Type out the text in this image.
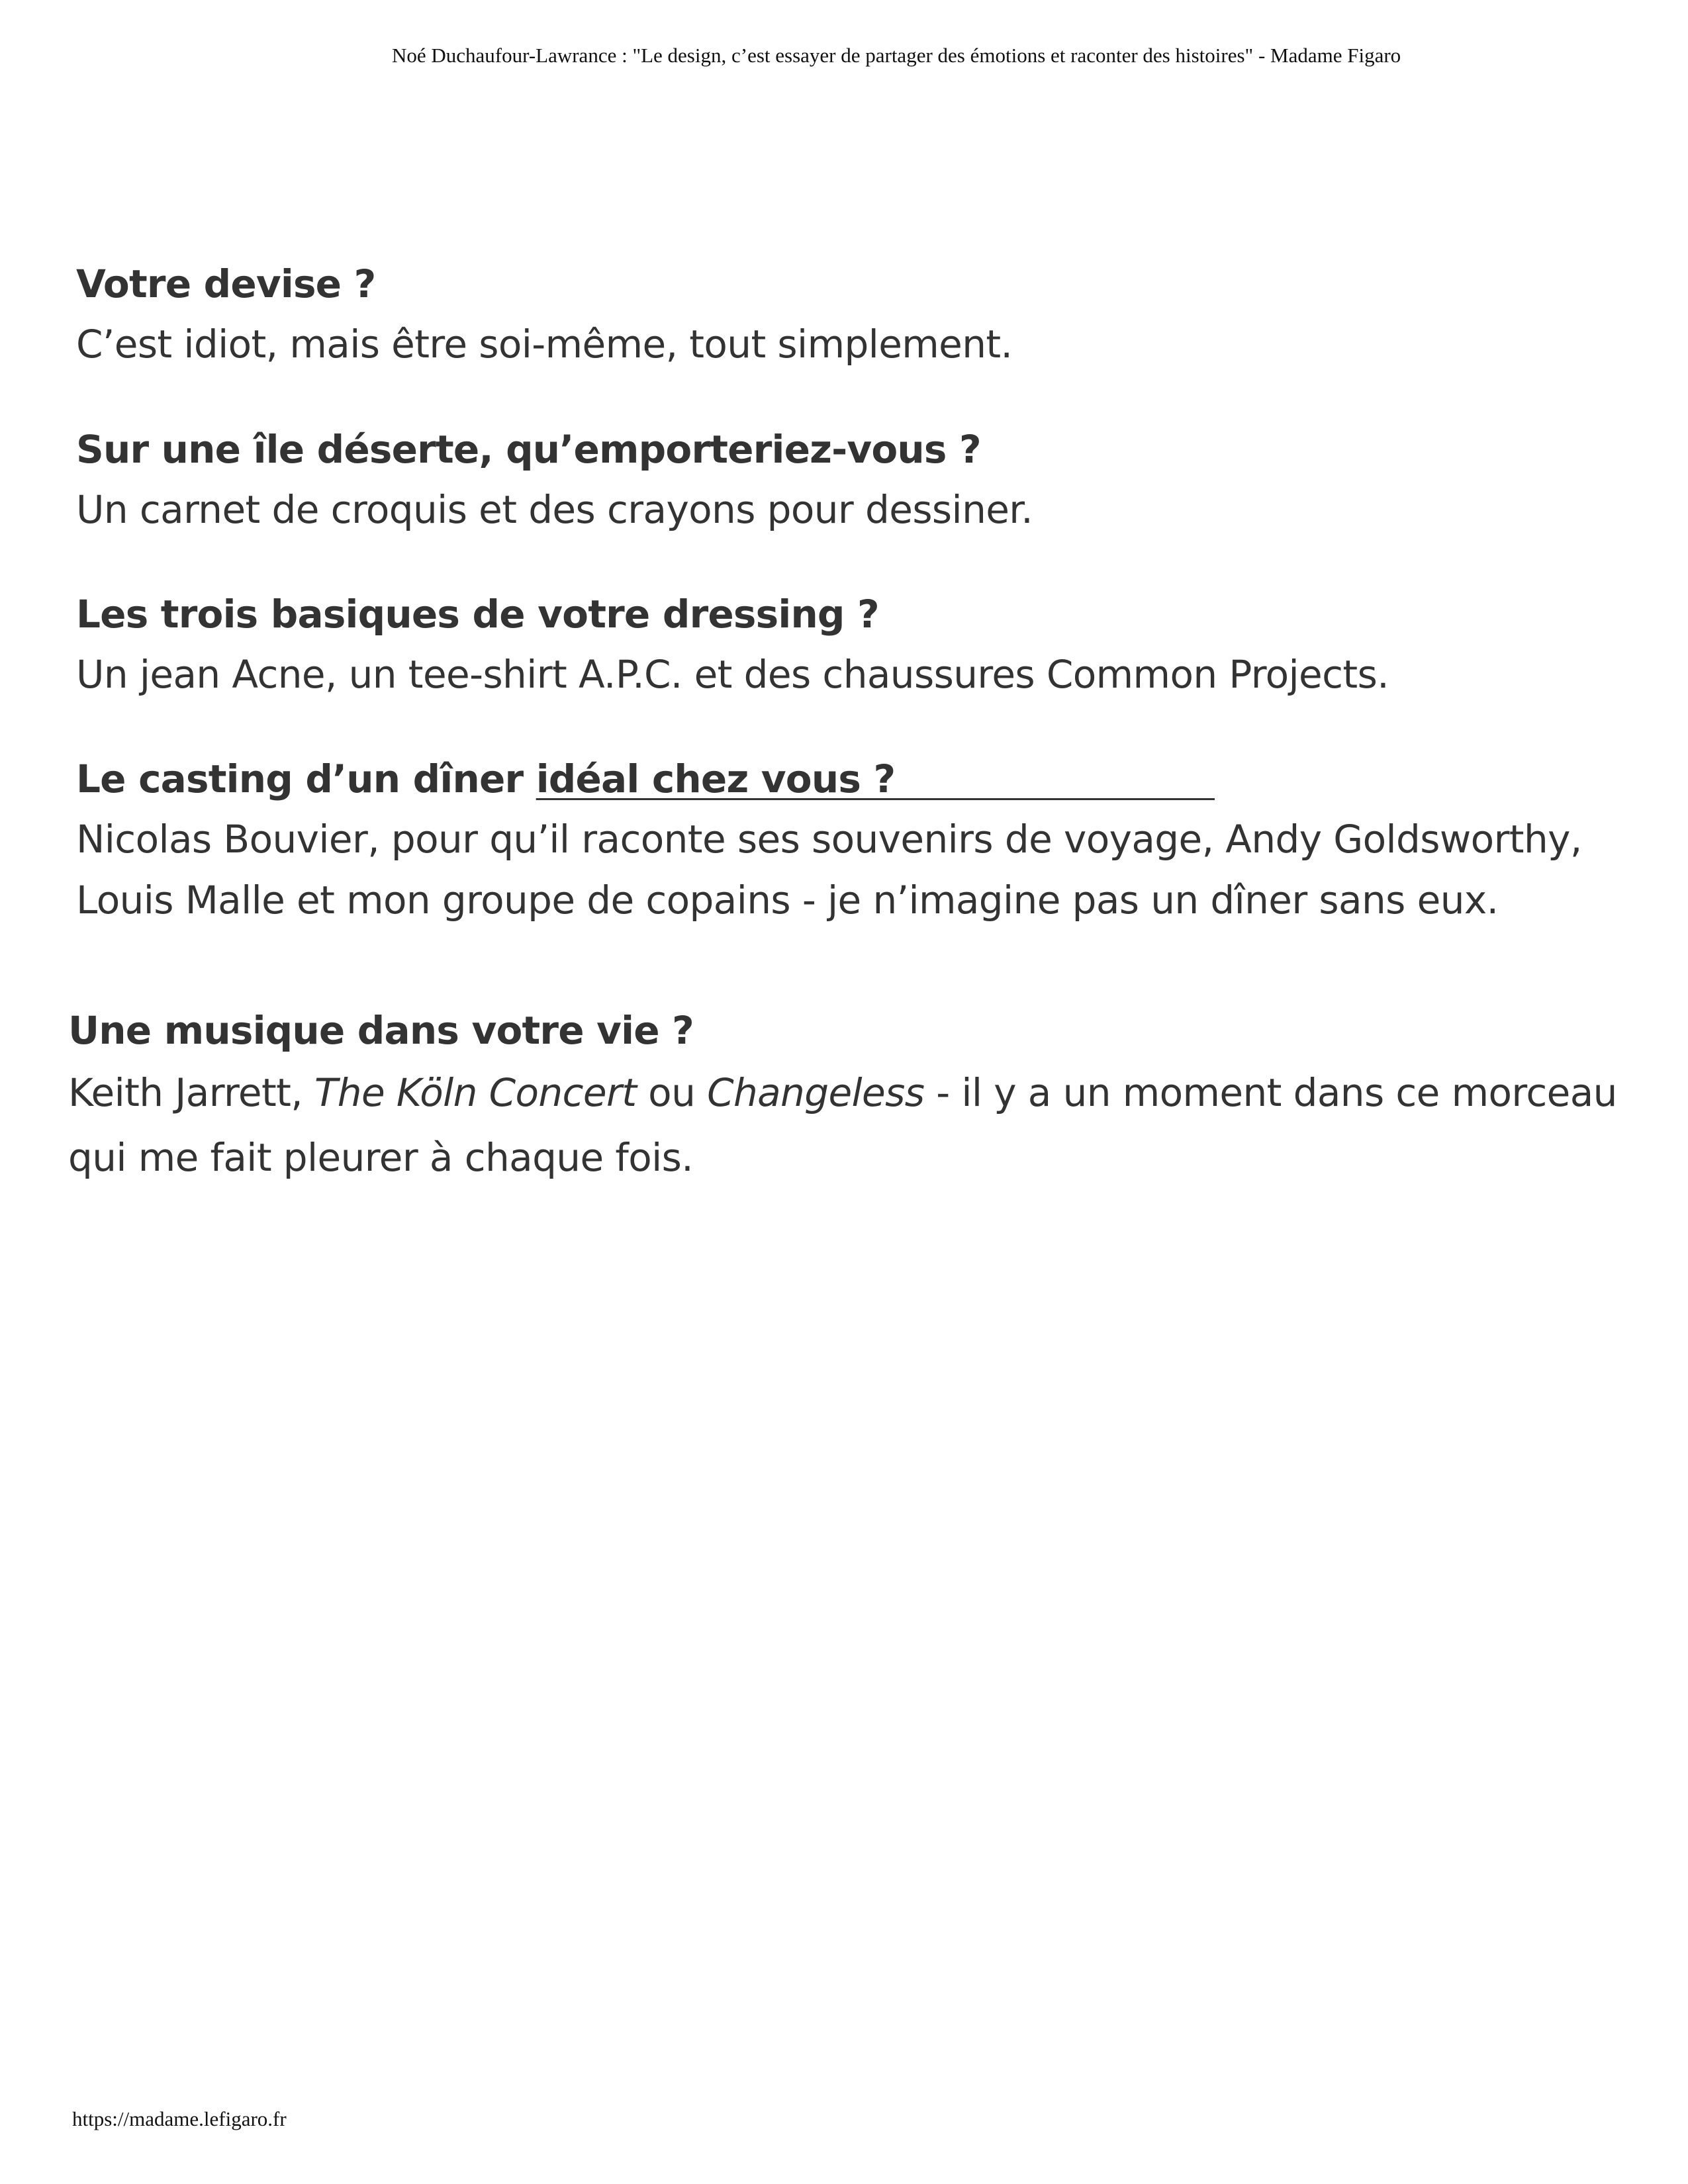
Noé Duchaufour-Lawrance : "Le design, c’est essayer de partager des émotions et raconter des histoires" - Madame Figaro

Votre devise ?

C’est idiot, mais être soi-même, tout simplement.

Sur une île déserte, qu’emporteriez-vous ?

Un carnet de croquis et des crayons pour dessiner.

Les trois basiques de votre dressing ?

Un jean Acne, un tee-shirt A.P.C. et des chaussures Common Projects.

Le casting d’un dîner idéal chez vous ?

Nicolas Bouvier, pour qu’il raconte ses souvenirs de voyage, Andy Goldsworthy,

Louis Malle et mon groupe de copains - je n’imagine pas un dîner sans eux.

Une musique dans votre vie ?

Keith Jarrett, The Köln Concert ou Changeless - il y a un moment dans ce morceau

qui me fait pleurer à chaque fois.

https://madame.lefigaro.fr
